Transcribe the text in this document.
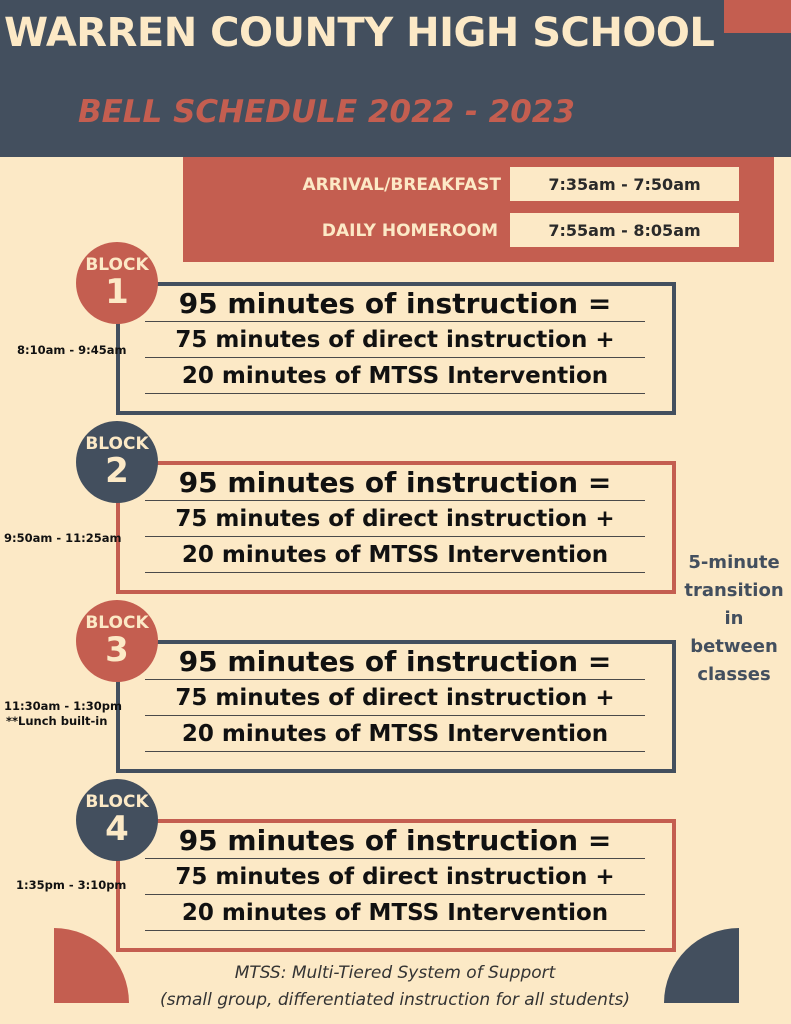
WARREN COUNTY HIGH SCHOOL
BELL SCHEDULE 2022 - 2023
ARRIVAL/BREAKFAST	7:35am - 7:50am
DAILY HOMEROOM	7:55am - 8:05am
BLOCK
1
8:10am - 9:45am
95 minutes of instruction =
75 minutes of direct instruction +
20 minutes of MTSS Intervention
BLOCK
2
9:50am - 11:25am
95 minutes of instruction =
75 minutes of direct instruction +
20 minutes of MTSS Intervention
BLOCK
3
11:30am - 1:30pm
**Lunch built-in
95 minutes of instruction =
75 minutes of direct instruction +
20 minutes of MTSS Intervention
BLOCK
4
1:35pm - 3:10pm
95 minutes of instruction =
75 minutes of direct instruction +
20 minutes of MTSS Intervention
5-minute
transition
in
between
classes
MTSS: Multi-Tiered System of Support
(small group, differentiated instruction for all students)
